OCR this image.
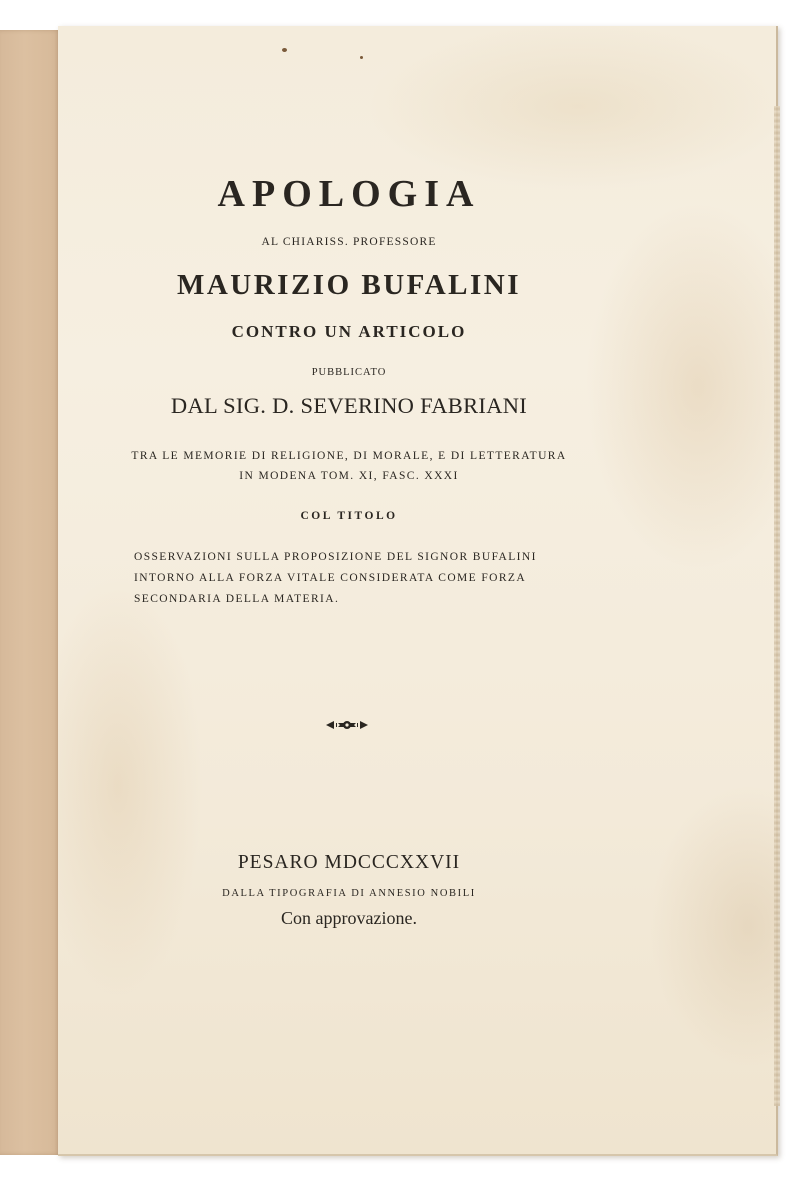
APOLOGIA
AL CHIARISS. PROFESSORE
MAURIZIO BUFALINI
CONTRO UN ARTICOLO
PUBBLICATO
DAL SIG. D. SEVERINO FABRIANI
TRA LE MEMORIE DI RELIGIONE, DI MORALE, E DI LETTERATURA
IN MODENA TOM. XI, FASC. XXXI
COL TITOLO
OSSERVAZIONI SULLA PROPOSIZIONE DEL SIGNOR BUFALINI
INTORNO ALLA FORZA VITALE CONSIDERATA COME FORZA
SECONDARIA DELLA MATERIA.
PESARO MDCCCXXVII
DALLA TIPOGRAFIA DI ANNESIO NOBILI
Con approvazione.
